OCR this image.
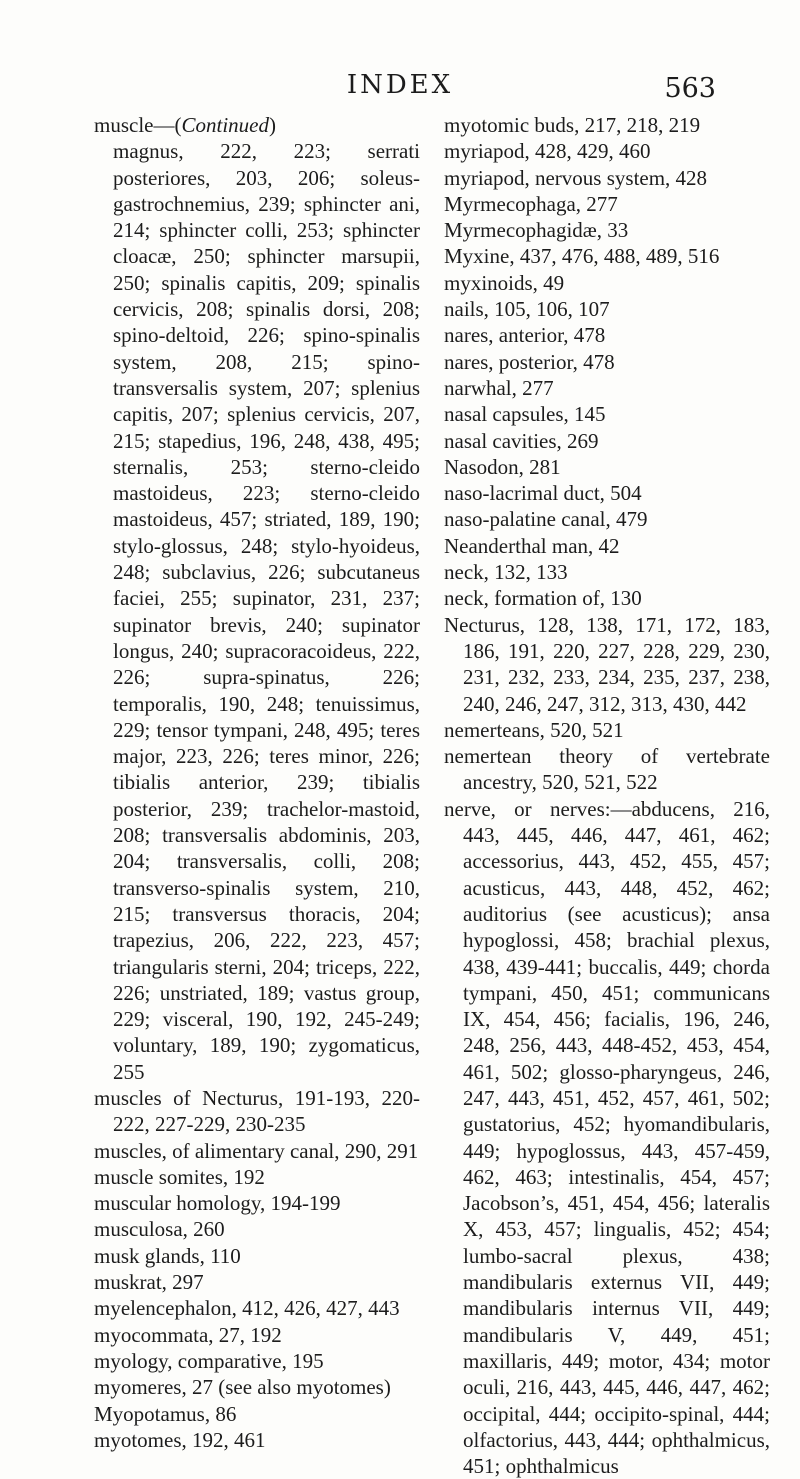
INDEX	563

muscle—(Continued)

magnus, 222, 223; serrati posteriores, 203, 206; soleus-gastrochnemius, 239; sphincter ani, 214; sphincter colli, 253; sphincter cloacæ, 250; sphincter marsupii, 250; spinalis capitis, 209; spinalis cervicis, 208; spinalis dorsi, 208; spino-deltoid, 226; spino-spinalis system, 208, 215; spino-transversalis system, 207; splenius capitis, 207; splenius cervicis, 207, 215; stapedius, 196, 248, 438, 495; sternalis, 253; sterno-cleido mastoideus, 223; sterno-cleido mastoideus, 457; striated, 189, 190; stylo-glossus, 248; stylo-hyoideus, 248; subclavius, 226; subcutaneus faciei, 255; supinator, 231, 237; supinator brevis, 240; supinator longus, 240; supracoracoideus, 222, 226; supra-spinatus, 226; temporalis, 190, 248; tenuissimus, 229; tensor tympani, 248, 495; teres major, 223, 226; teres minor, 226; tibialis anterior, 239; tibialis posterior, 239; trachelor-mastoid, 208; transversalis abdominis, 203, 204; transversalis, colli, 208; transverso-spinalis system, 210, 215; transversus thoracis, 204; trapezius, 206, 222, 223, 457; triangularis sterni, 204; triceps, 222, 226; unstriated, 189; vastus group, 229; visceral, 190, 192, 245-249; voluntary, 189, 190; zygomaticus, 255

muscles of Necturus, 191-193, 220-222, 227-229, 230-235

muscles, of alimentary canal, 290, 291

muscle somites, 192

muscular homology, 194-199

musculosa, 260

musk glands, 110

muskrat, 297

myelencephalon, 412, 426, 427, 443

myocommata, 27, 192

myology, comparative, 195

myomeres, 27 (see also myotomes)

Myopotamus, 86

myotomes, 192, 461

myotomic buds, 217, 218, 219

myriapod, 428, 429, 460

myriapod, nervous system, 428

Myrmecophaga, 277

Myrmecophagidæ, 33

Myxine, 437, 476, 488, 489, 516

myxinoids, 49

nails, 105, 106, 107

nares, anterior, 478

nares, posterior, 478

narwhal, 277

nasal capsules, 145

nasal cavities, 269

Nasodon, 281

naso-lacrimal duct, 504

naso-palatine canal, 479

Neanderthal man, 42

neck, 132, 133

neck, formation of, 130

Necturus, 128, 138, 171, 172, 183, 186, 191, 220, 227, 228, 229, 230, 231, 232, 233, 234, 235, 237, 238, 240, 246, 247, 312, 313, 430, 442

nemerteans, 520, 521

nemertean theory of vertebrate ancestry, 520, 521, 522

nerve, or nerves:—abducens, 216, 443, 445, 446, 447, 461, 462; accessorius, 443, 452, 455, 457; acusticus, 443, 448, 452, 462; auditorius (see acusticus); ansa hypoglossi, 458; brachial plexus, 438, 439-441; buccalis, 449; chorda tympani, 450, 451; communicans IX, 454, 456; facialis, 196, 246, 248, 256, 443, 448-452, 453, 454, 461, 502; glosso-pharyngeus, 246, 247, 443, 451, 452, 457, 461, 502; gustatorius, 452; hyomandibularis, 449; hypoglossus, 443, 457-459, 462, 463; intestinalis, 454, 457; Jacobson’s, 451, 454, 456; lateralis X, 453, 457; lingualis, 452; 454; lumbo-sacral plexus, 438; mandibularis externus VII, 449; mandibularis internus VII, 449; mandibularis V, 449, 451; maxillaris, 449; motor, 434; motor oculi, 216, 443, 445, 446, 447, 462; occipital, 444; occipito-spinal, 444; olfactorius, 443, 444; ophthalmicus, 451; ophthalmicus
